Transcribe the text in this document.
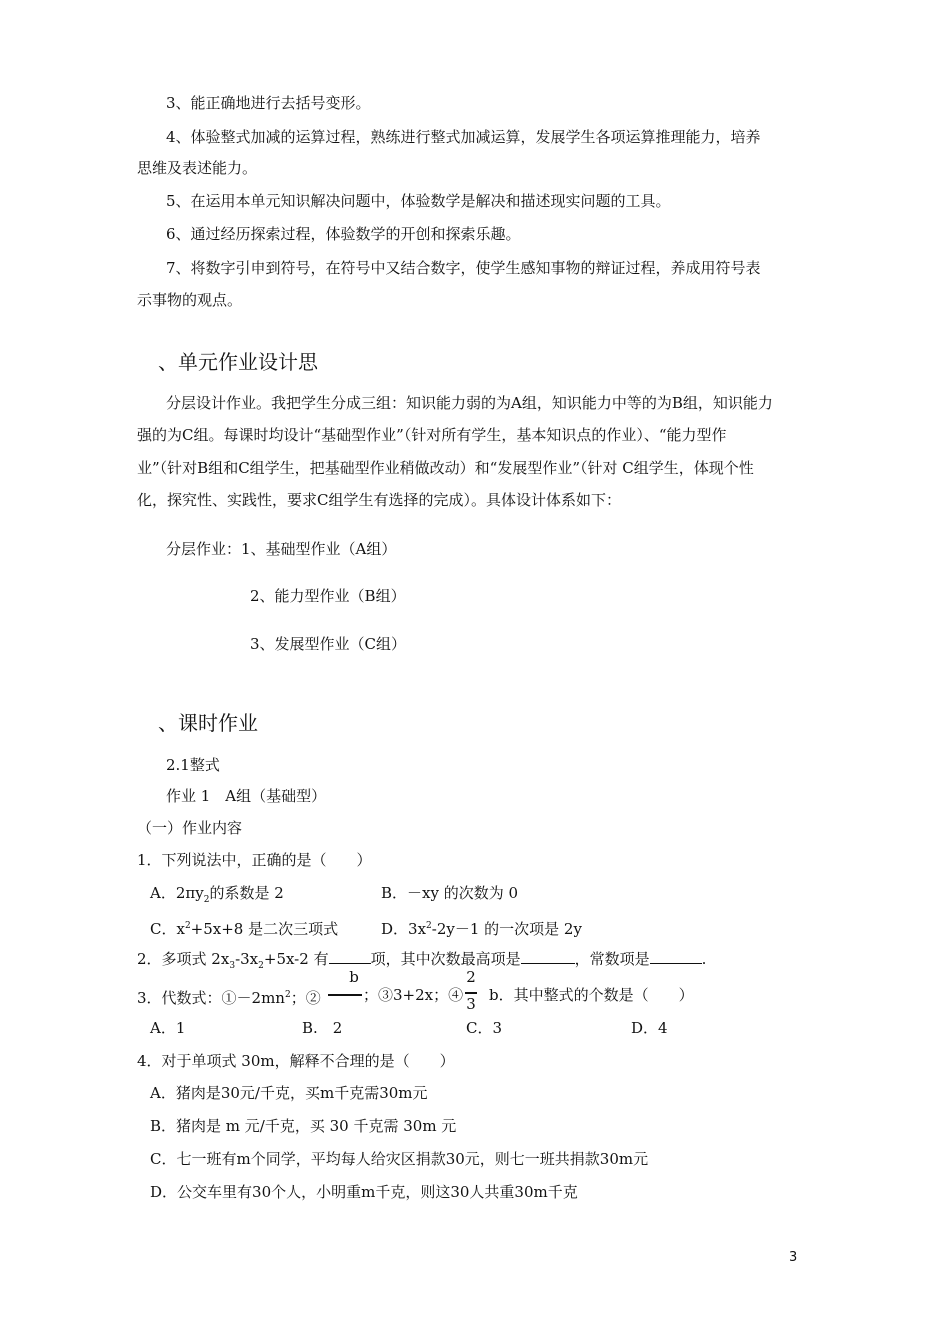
3、能正确地进行去括号变形。
4、体验整式加减的运算过程，熟练进行整式加减运算，发展学生各项运算推理能力，培养
思维及表述能力。
5、在运用本单元知识解决问题中，体验数学是解决和描述现实问题的工具。
6、通过经历探索过程，体验数学的开创和探索乐趣。
7、将数字引申到符号，在符号中又结合数字，使学生感知事物的辩证过程，养成用符号表
示事物的观点。
、单元作业设计思
分层设计作业。我把学生分成三组：知识能力弱的为A组，知识能力中等的为B组，知识能力
强的为C组。每课时均设计“基础型作业”（针对所有学生，基本知识点的作业）、“能力型作
业”（针对B组和C组学生，把基础型作业稍做改动）和“发展型作业”（针对 C组学生，体现个性
化，探究性、实践性，要求C组学生有选择的完成）。具体设计体系如下：
分层作业：1、基础型作业（A组）
2、能力型作业（B组）
3、发展型作业（C组）
、课时作业
2.1整式
作业 1　A组（基础型）
（一）作业内容
1．下列说法中，正确的是（　　）
A．$2\pi y_2$的系数是 2	B．－xy 的次数为 0
C．$x^2+5x+8$ 是二次三项式	D．$3x^2-2y-1$ 的一次项是 2y
2．多项式 $2x_3-3x_2+5x-2$ 有	项，其中次数最高项是	，常数项是	.
3．代数式：$①-2mn^2$；②
b
；③3+2x；④
2
3 b．其中整式的个数是（　　）
A．1	B.　2	C．3	D．4
4．对于单项式 30m，解释不合理的是（　　）
A．猪肉是30元/千克，买m千克需30m元
B．猪肉是 m 元/千克，买 30 千克需 30m 元
C．七一班有m个同学，平均每人给灾区捐款30元，则七一班共捐款30m元
D．公交车里有30个人，小明重m千克，则这30人共重30m千克
3
